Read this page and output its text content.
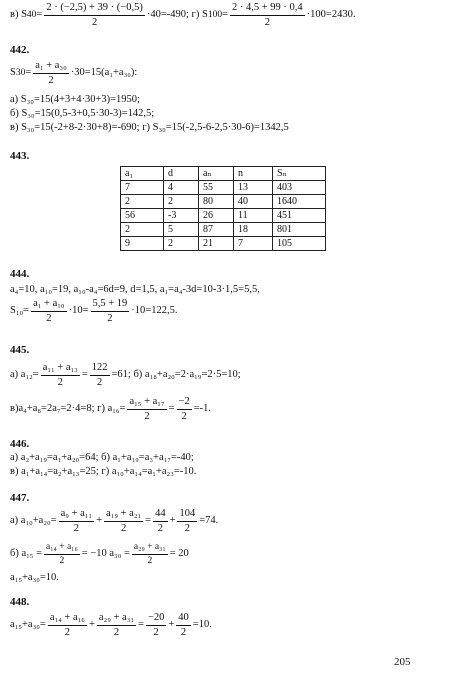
в) S $40 = \frac{2 \cdot (-2,5) + 39 \cdot (-0,5)}{2} \cdot 40=-490$; г) S $100 = \frac{2 \cdot 4,5 + 99 \cdot 0,4}{2} \cdot 100=2430$.
442.
S $30 = \frac{\text{a₁ + a₃₀}}{2} \cdot 30=15(a_1+a_{30})$:
а) S₃₀=15(4+3+4·30+3)=1950;
б) S₃₀=15(0,5-3+0,5·30-3)=142,5;
в) S₃₀=15(-2+8-2·30+8)=-690; г) S₃₀=15(-2,5-6-2,5·30-6)=1342,5
443.
a₁	d	aₙ	n	Sₙ
7	4	55	13	403
2	2	80	40	1640
56	-3	26	11	451
2	5	87	18	801
9	2	21	7	105
444.
a₄=10, a₁₀=19, a₁₀-a₄=6d=9, d=1,5, a₁=a₄-3d=10-3·1,5=5,5,
$S_{10}= \frac{\text{a₁ + a₁₀}}{2} \cdot 10= \frac{5,5 + 19}{2} \cdot 10=122,5$.
445.
а) $a_{12}= \frac{\text{a₁₁ + a₁₃}}{2} = \frac{122}{2} =61$; б) a₁₈+a₂₀=2·a₁₉=2·5=10;
в)a₄+a₈=2a₇=2·4=8; г) $a_{16}= \frac{\text{a₁₅ + a₁₇}}{2} = \frac{-2}{2} =-1$.
446.
а) a₂+a₁₉=a₁+a₂₀=64; б) a₁+a₁₉=a₃+a₁₇=-40;
в) a₁+a₁₄=a₂+a₁₃=25; г) a₁₀+a₁₄=a₁+a₂₃=-10.
447.
а) $a_{10}+a_{20}= \frac{\text{a₉ + a₁₁}}{2} + \frac{\text{a₁₉ + a₂₁}}{2} = \frac{44}{2} + \frac{104}{2} =74$.
б) $a_{15} = \frac{\text{a₁₄ + a₁₆}}{2} = -10$ $a_{30} = \frac{\text{a₂₉ + a₃₁}}{2} = 20$
a₁₅+a₃₀=10.
448.
$a_{15}+a_{30}= \frac{\text{a₁₄ + a₁₆}}{2} + \frac{\text{a₂₉ + a₃₁}}{2} = \frac{-20}{2} + \frac{40}{2} =10$.
205
